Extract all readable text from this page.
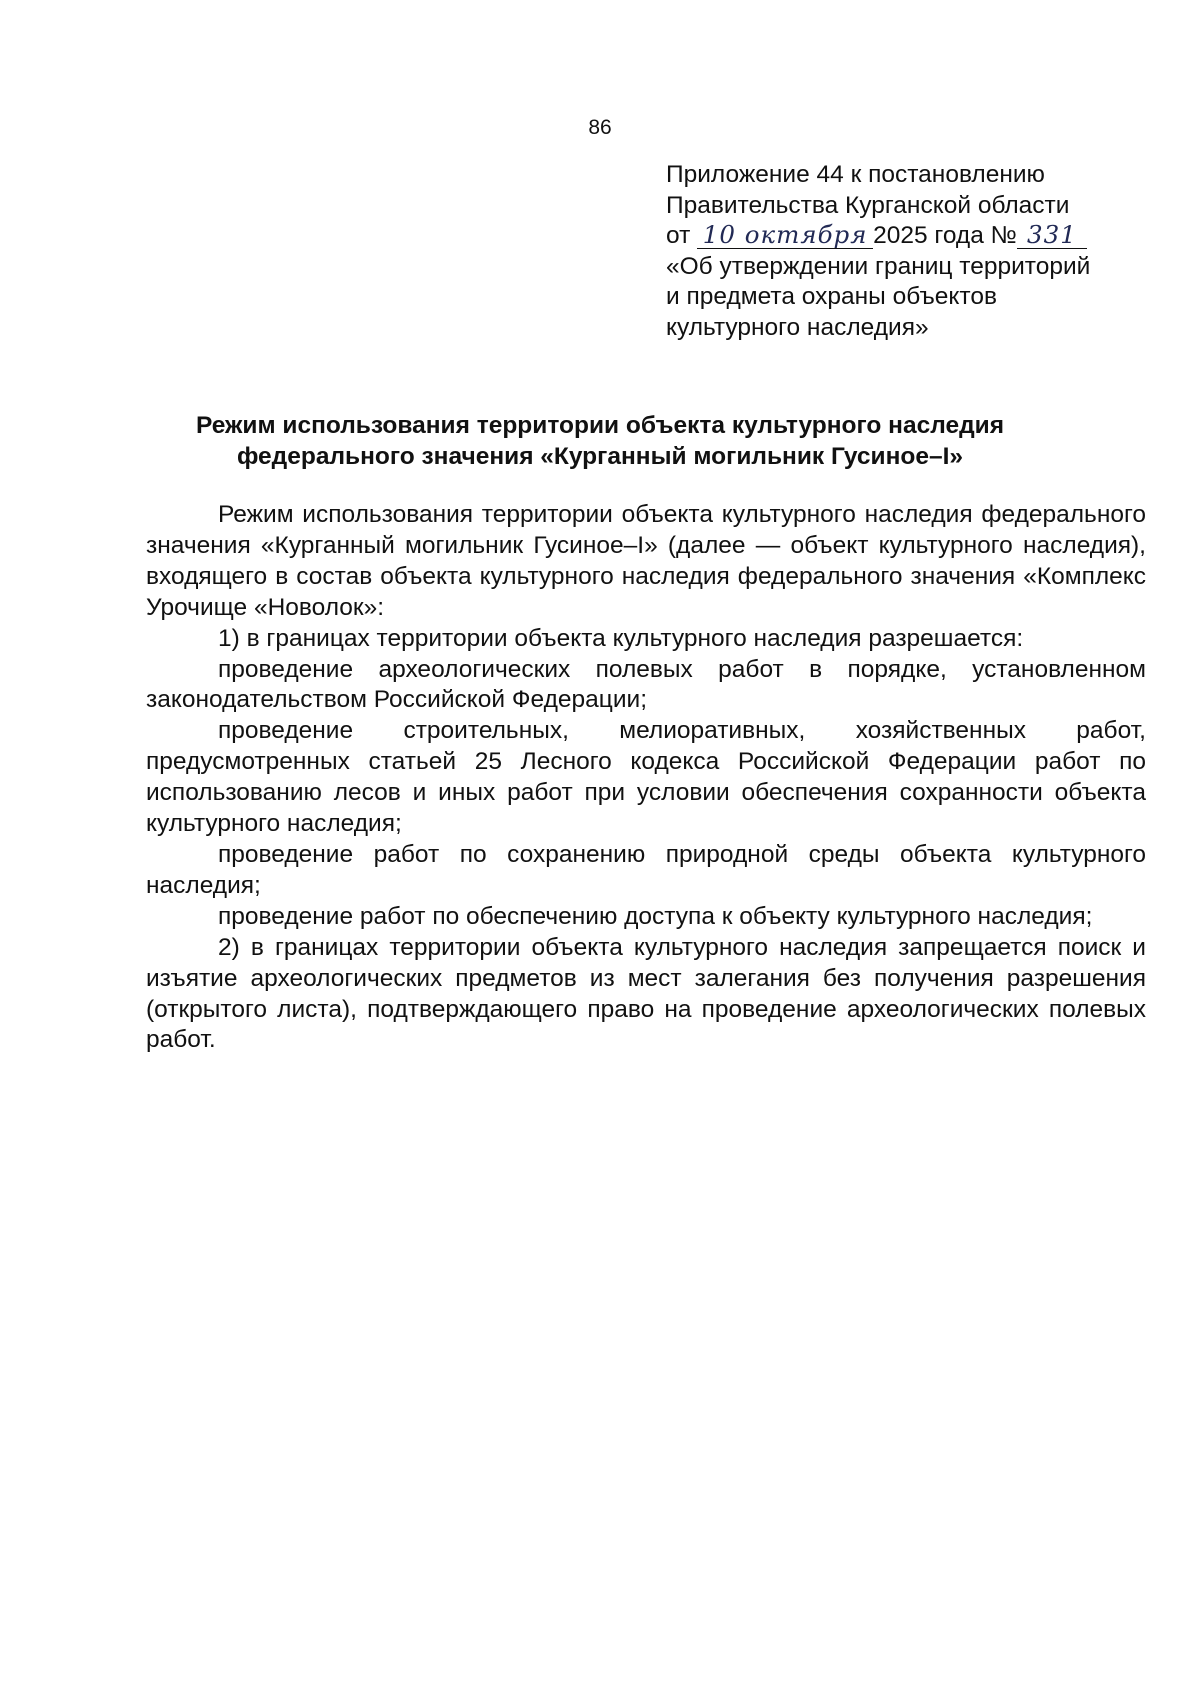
86
Приложение 44 к постановлению
Правительства Курганской области
от 10 октября 2025 года № 331
«Об утверждении границ территорий
и предмета охраны объектов
культурного наследия»
Режим использования территории объекта культурного наследия
федерального значения «Курганный могильник Гусиное–I»

Режим использования территории объекта культурного наследия федерального значения «Курганный могильник Гусиное–I» (далее — объект культурного наследия), входящего в состав объекта культурного наследия федерального значения «Комплекс Урочище «Новолок»:

1) в границах территории объекта культурного наследия разрешается:

проведение археологических полевых работ в порядке, установленном законодательством Российской Федерации;

проведение строительных, мелиоративных, хозяйственных работ, предусмотренных статьей 25 Лесного кодекса Российской Федерации работ по использованию лесов и иных работ при условии обеспечения сохранности объекта культурного наследия;

проведение работ по сохранению природной среды объекта культурного наследия;

проведение работ по обеспечению доступа к объекту культурного наследия;

2) в границах территории объекта культурного наследия запрещается поиск и изъятие археологических предметов из мест залегания без получения разрешения (открытого листа), подтверждающего право на проведение археологических полевых работ.
